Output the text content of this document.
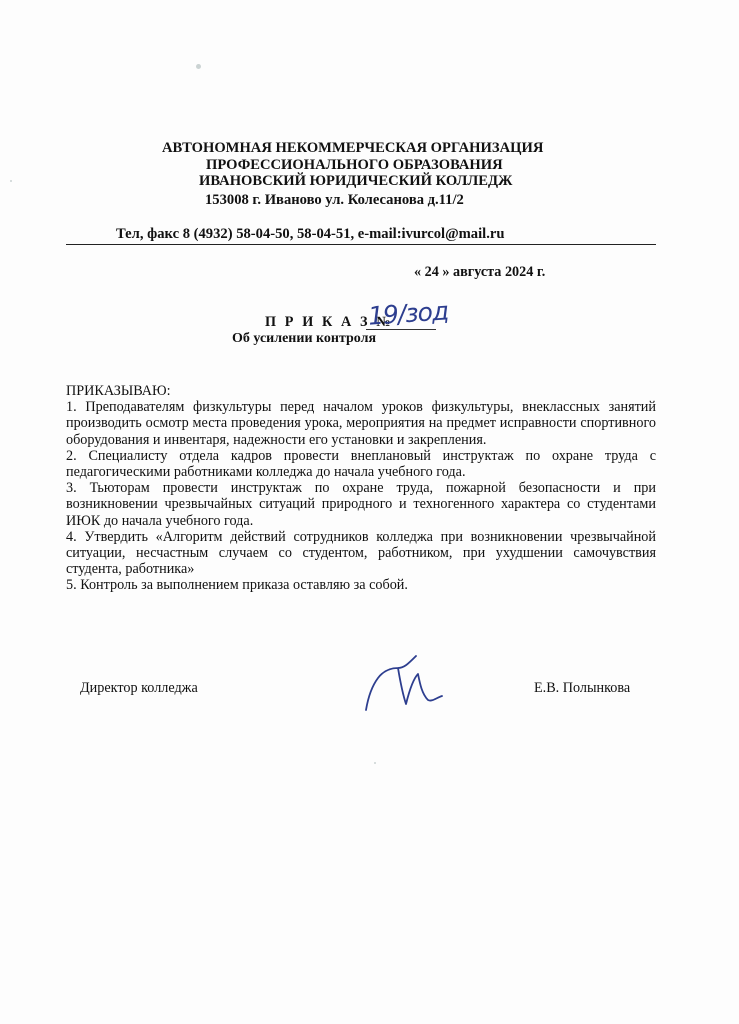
АВТОНОМНАЯ НЕКОММЕРЧЕСКАЯ ОРГАНИЗАЦИЯ
ПРОФЕССИОНАЛЬНОГО ОБРАЗОВАНИЯ
ИВАНОВСКИЙ ЮРИДИЧЕСКИЙ КОЛЛЕДЖ
153008 г. Иваново ул. Колесанова д.11/2
Тел, факс 8 (4932) 58-04-50, 58-04-51, e-mail:ivurcol@mail.ru
« 24 » августа 2024 г.
П Р И К А З №
19/зод
Об усилении контроля

ПРИКАЗЫВАЮ:

1. Преподавателям физкультуры перед началом уроков физкультуры, внеклассных занятий производить осмотр места проведения урока, мероприятия на предмет исправности спортивного оборудования и инвентаря, надежности его установки и закрепления.

2. Специалисту отдела кадров провести внеплановый инструктаж по охране труда с педагогическими работниками колледжа до начала учебного года.

3. Тьюторам провести инструктаж по охране труда, пожарной безопасности и при возникновении чрезвычайных ситуаций природного и техногенного характера со студентами ИЮК до начала учебного года.

4. Утвердить «Алгоритм действий сотрудников колледжа при возникновении чрезвычайной ситуации, несчастным случаем со студентом, работником, при ухудшении самочувствия студента, работника»

5. Контроль за выполнением приказа оставляю за собой.

Директор колледжа	Е.В. Полынкова
